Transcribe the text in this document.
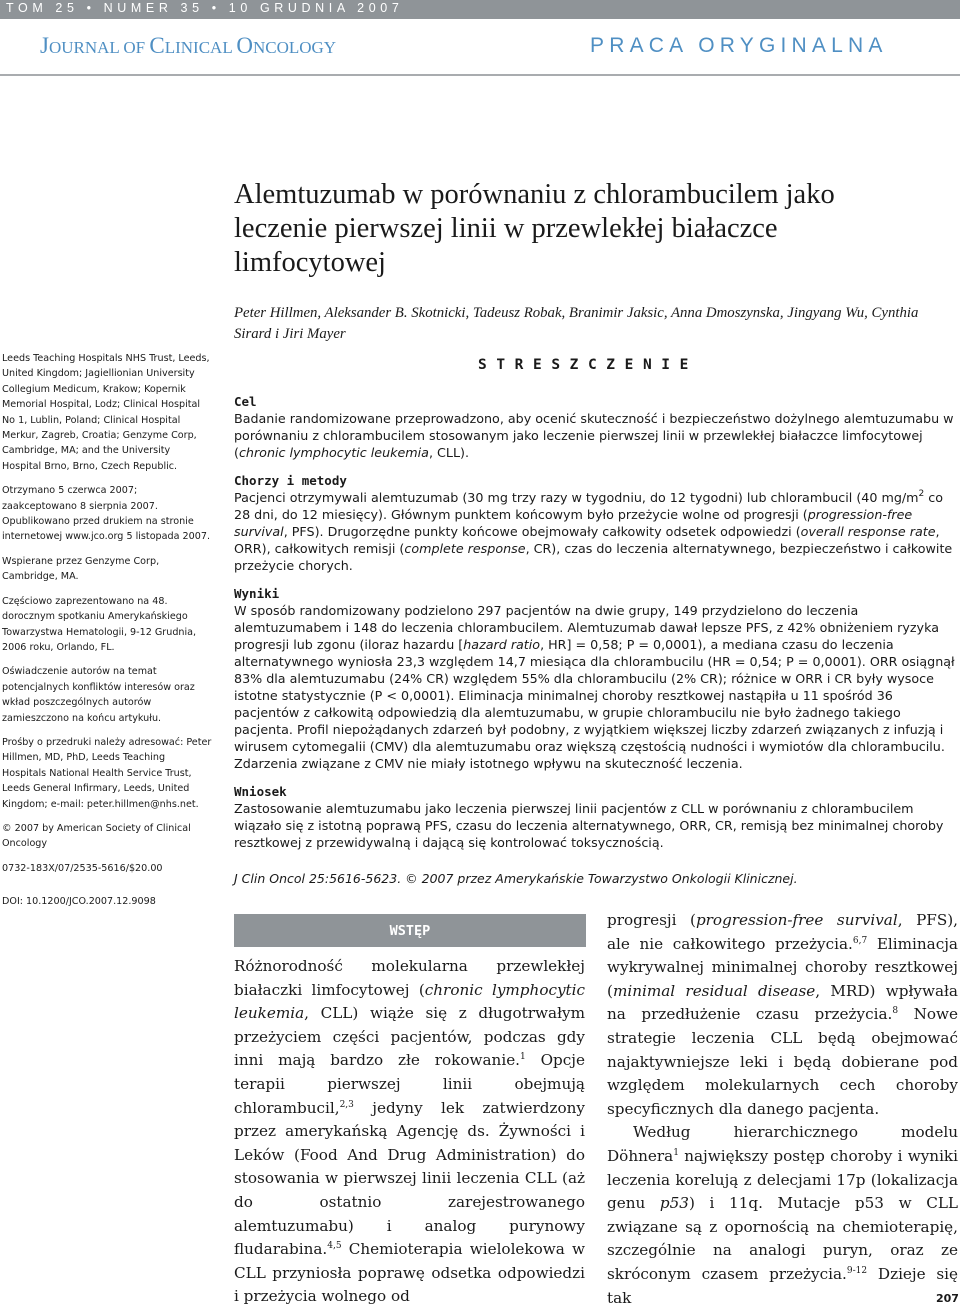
TOM 25 • NUMER 35 • 10 GRUDNIA 2007
JOURNAL OF CLINICAL ONCOLOGY	PRACA ORYGINALNA
Alemtuzumab w porównaniu z chlorambucilem jako leczenie pierwszej linii w przewlekłej białaczce limfocytowej
Peter Hillmen, Aleksander B. Skotnicki, Tadeusz Robak, Branimir Jaksic, Anna Dmoszynska, Jingyang Wu, Cynthia Sirard i Jiri Mayer

Leeds Teaching Hospitals NHS Trust, Leeds, United Kingdom; Jagiellionian University Collegium Medicum, Krakow; Kopernik Memorial Hospital, Lodz; Clinical Hospital No 1, Lublin, Poland; Clinical Hospital Merkur, Zagreb, Croatia; Genzyme Corp, Cambridge, MA; and the University Hospital Brno, Brno, Czech Republic.

Otrzymano 5 czerwca 2007; zaakceptowano 8 sierpnia 2007. Opublikowano przed drukiem na stronie internetowej www.jco.org 5 listopada 2007.

Wspierane przez Genzyme Corp, Cambridge, MA.

Częściowo zaprezentowano na 48. dorocznym spotkaniu Amerykańskiego Towarzystwa Hematologii, 9-12 Grudnia, 2006 roku, Orlando, FL.

Oświadczenie autorów na temat potencjalnych konfliktów interesów oraz wkład poszczególnych autorów zamieszczono na końcu artykułu.

Prośby o przedruki należy adresować: Peter Hillmen, MD, PhD, Leeds Teaching Hospitals National Health Service Trust, Leeds General Infirmary, Leeds, United Kingdom; e-mail: peter.hillmen@nhs.net.

© 2007 by American Society of Clinical Oncology

0732-183X/07/2535-5616/$20.00

DOI: 10.1200/JCO.2007.12.9098

STRESZCZENIE
Cel

Badanie randomizowane przeprowadzono, aby ocenić skuteczność i bezpieczeństwo dożylnego alemtuzumabu w porównaniu z chlorambucilem stosowanym jako leczenie pierwszej linii w przewlekłej białaczce limfocytowej (chronic lymphocytic leukemia, CLL).

Chorzy i metody

Pacjenci otrzymywali alemtuzumab (30 mg trzy razy w tygodniu, do 12 tygodni) lub chlorambucil (40 $mg/m^2$ co 28 dni, do 12 miesięcy). Głównym punktem końcowym było przeżycie wolne od progresji (progression-free survival, PFS). Drugorzędne punkty końcowe obejmowały całkowity odsetek odpowiedzi (overall response rate, ORR), całkowitych remisji (complete response, CR), czas do leczenia alternatywnego, bezpieczeństwo i całkowite przeżycie chorych.

Wyniki

W sposób randomizowany podzielono 297 pacjentów na dwie grupy, 149 przydzielono do leczenia alemtuzumabem i 148 do leczenia chlorambucilem. Alemtuzumab dawał lepsze PFS, z 42% obniżeniem ryzyka progresji lub zgonu (iloraz hazardu [hazard ratio, HR] = 0,58; P = 0,0001), a mediana czasu do leczenia alternatywnego wyniosła 23,3 względem 14,7 miesiąca dla chlorambucilu (HR = 0,54; P = 0,0001). ORR osiągnął 83% dla alemtuzumabu (24% CR) względem 55% dla chlorambucilu (2% CR); różnice w ORR i CR były wysoce istotne statystycznie (P < 0,0001). Eliminacja minimalnej choroby resztkowej nastąpiła u 11 spośród 36 pacjentów z całkowitą odpowiedzią dla alemtuzumabu, w grupie chlorambucilu nie było żadnego takiego pacjenta. Profil niepożądanych zdarzeń był podobny, z wyjątkiem większej liczby zdarzeń związanych z infuzją i wirusem cytomegalii (CMV) dla alemtuzumabu oraz większą częstością nudności i wymiotów dla chlorambucilu. Zdarzenia związane z CMV nie miały istotnego wpływu na skuteczność leczenia.

Wniosek

Zastosowanie alemtuzumabu jako leczenia pierwszej linii pacjentów z CLL w porównaniu z chlorambucilem wiązało się z istotną poprawą PFS, czasu do leczenia alternatywnego, ORR, CR, remisją bez minimalnej choroby resztkowej z przewidywalną i dającą się kontrolować toksycznością.

J Clin Oncol 25:5616-5623. © 2007 przez Amerykańskie Towarzystwo Onkologii Klinicznej.
WSTĘP

Różnorodność molekularna przewlekłej białaczki limfocytowej (chronic lymphocytic leukemia, CLL) wiąże się z długotrwałym przeżyciem części pacjentów, podczas gdy inni mają bardzo złe rokowanie.$^1$ Opcje terapii pierwszej linii obejmują chlorambucil,$^{2,3}$ jedyny lek zatwierdzony przez amerykańską Agencję ds. Żywności i Leków (Food And Drug Administration) do stosowania w pierwszej linii leczenia CLL (aż do ostatnio zarejestrowanego alemtuzumabu) i analog purynowy fludarabina.$^{4,5}$ Chemioterapia wielolekowa w CLL przyniosła poprawę odsetka odpowiedzi i przeżycia wolnego od

progresji (progression-free survival, PFS), ale nie całkowitego przeżycia.$^{6,7}$ Eliminacja wykrywalnej minimalnej choroby resztkowej (minimal residual disease, MRD) wpływała na przedłużenie czasu przeżycia.$^8$ Nowe strategie leczenia CLL będą obejmować najaktywniejsze leki i będą dobierane pod względem molekularnych cech choroby specyficznych dla danego pacjenta.

Według hierarchicznego modelu Döhnera$^1$ największy postęp choroby i wyniki leczenia korelują z delecjami 17p (lokalizacja genu p53) i 11q. Mutacje p53 w CLL związane są z opornością na chemioterapię, szczególnie na analogi puryn, oraz ze skróconym czasem przeżycia.$^{9-12}$ Dzieje się tak	207
